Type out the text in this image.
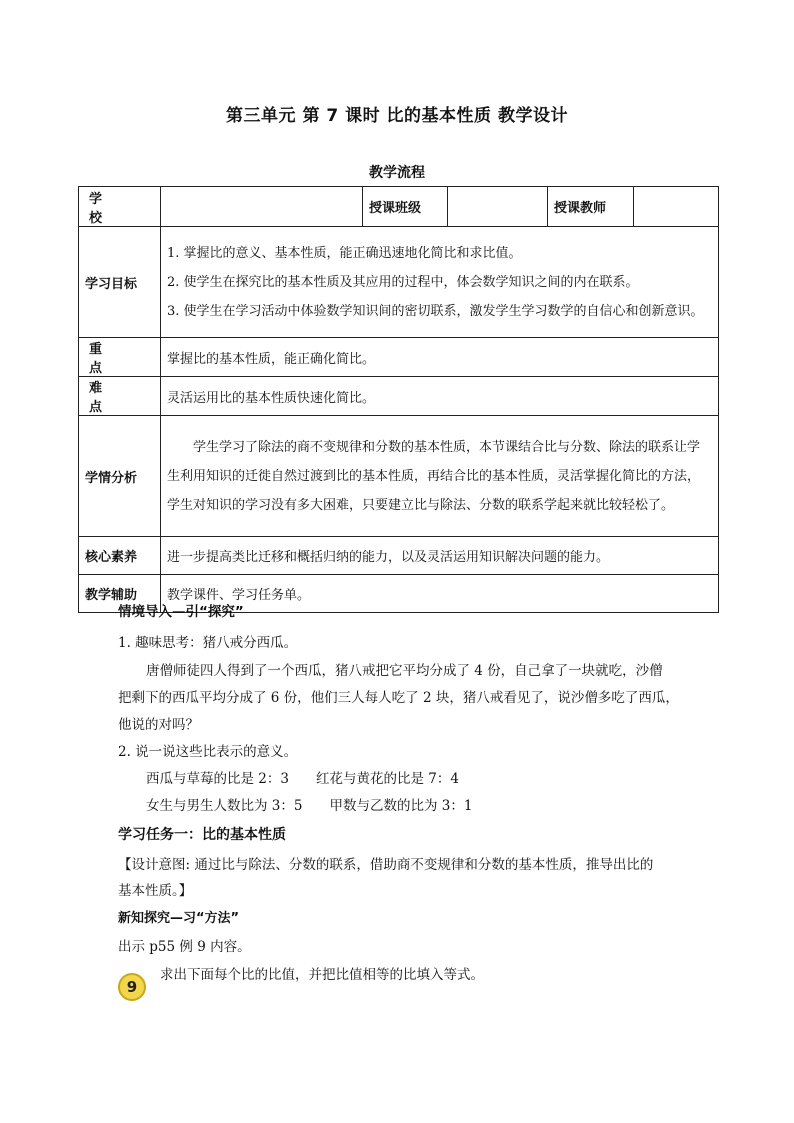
第三单元 第 7 课时 比的基本性质 教学设计
教学流程
学　　校		授课班级		授课教师	
学习目标	1. 掌握比的意义、基本性质，能正确迅速地化简比和求比值。
2. 使学生在探究比的基本性质及其应用的过程中，体会数学知识之间的内在联系。
3. 使学生在学习活动中体验数学知识间的密切联系，激发学生学习数学的自信心和创新意识。				

重　　点	掌握比的基本性质，能正确化简比。				

难　　点	灵活运用比的基本性质快速化简比。				
学情分析	学生学习了除法的商不变规律和分数的基本性质，本节课结合比与分数、除法的联系让学生利用知识的迁徙自然过渡到比的基本性质，再结合比的基本性质，灵活掌握化简比的方法，学生对知识的学习没有多大困难，只要建立比与除法、分数的联系学起来就比较轻松了。				

核心素养	进一步提高类比迁移和概括归纳的能力，以及灵活运用知识解决问题的能力。				
教学辅助	教学课件、学习任务单。				
情境导入—引“探究”
1. 趣味思考：猪八戒分西瓜。
唐僧师徒四人得到了一个西瓜，猪八戒把它平均分成了 4 份，自己拿了一块就吃，沙僧
把剩下的西瓜平均分成了 6 份，他们三人每人吃了 2 块，猪八戒看见了，说沙僧多吃了西瓜，
他说的对吗？
2. 说一说这些比表示的意义。
西瓜与草莓的比是 2：3　　红花与黄花的比是 7：4
女生与男生人数比为 3：5　　甲数与乙数的比为 3：1
学习任务一：比的基本性质
【设计意图: 通过比与除法、分数的联系，借助商不变规律和分数的基本性质，推导出比的
基本性质。】
新知探究—习“方法”
出示 p55 例 9 内容。
9
求出下面每个比的比值，并把比值相等的比填入等式。
